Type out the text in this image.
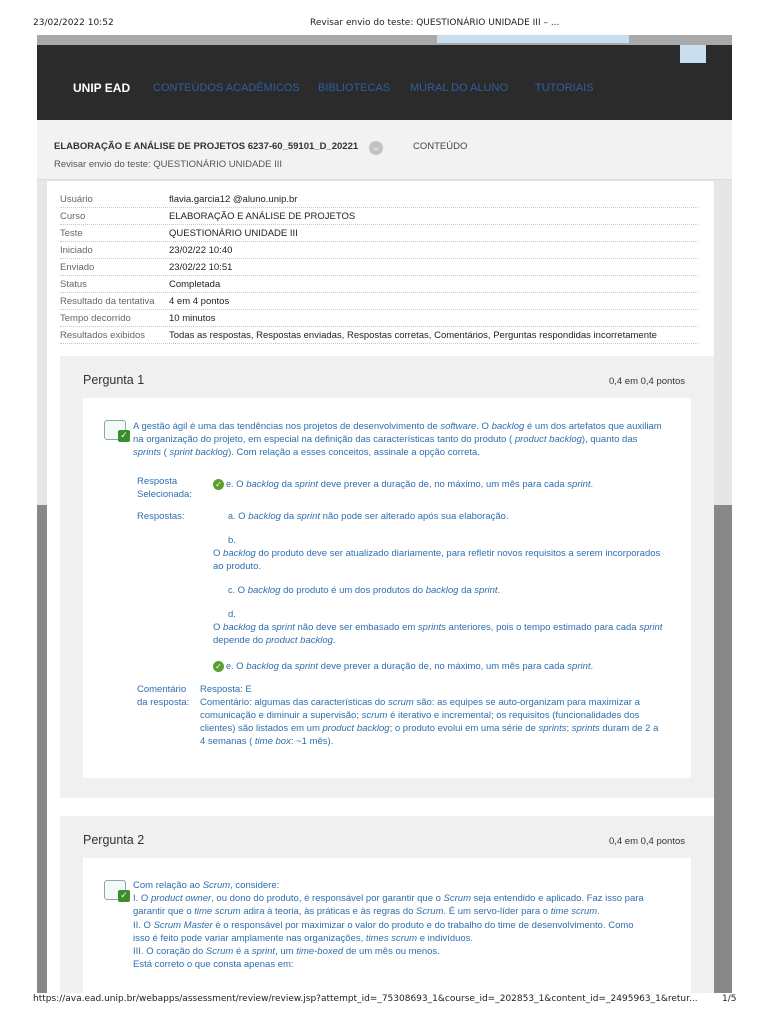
23/02/2022 10:52	Revisar envio do teste: QUESTIONÁRIO UNIDADE III – ...
UNIP EAD CONTEÚDOS ACADÊMICOS BIBLIOTECAS MURAL DO ALUNO TUTORIAIS
ELABORAÇÃO E ANÁLISE DE PROJETOS 6237-60_59101_D_20221	⌄	CONTEÚDO
Revisar envio do teste: QUESTIONÁRIO UNIDADE III
Usuário	flavia.garcia12 @aluno.unip.br
Curso	ELABORAÇÃO E ANÁLISE DE PROJETOS
Teste	QUESTIONÁRIO UNIDADE III
Iniciado	23/02/22 10:40
Enviado	23/02/22 10:51
Status	Completada
Resultado da tentativa 4 em 4 pontos
Tempo decorrido	10 minutos
Resultados exibidos	Todas as respostas, Respostas enviadas, Respostas corretas, Comentários, Perguntas respondidas incorretamente
Pergunta 1	0,4 em 0,4 pontos
✓
A gestão ágil é uma das tendências nos projetos de desenvolvimento de software. O backlog é um dos artefatos que auxiliam na organização do projeto, em especial na definição das características tanto do produto ( product backlog), quanto das sprints ( sprint backlog). Com relação a esses conceitos, assinale a opção correta.
Resposta Selecionada:
✓ e. O backlog da sprint deve prever a duração de, no máximo, um mês para cada sprint.
Respostas:	a. O backlog da sprint não pode ser alterado após sua elaboração.
b.
O backlog do produto deve ser atualizado diariamente, para refletir novos requisitos a serem incorporados ao produto.
c. O backlog do produto é um dos produtos do backlog da sprint.
d.
O backlog da sprint não deve ser embasado em sprints anteriores, pois o tempo estimado para cada sprint depende do product backlog.
✓ e. O backlog da sprint deve prever a duração de, no máximo, um mês para cada sprint.
Comentário da resposta:
Resposta: E
Comentário: algumas das características do scrum são: as equipes se auto-organizam para maximizar a comunicação e diminuir a supervisão; scrum é iterativo e incremental; os requisitos (funcionalidades dos clientes) são listados em um product backlog; o produto evolui em uma série de sprints; sprints duram de 2 a 4 semanas ( time box: ~1 mês).
Pergunta 2	0,4 em 0,4 pontos
✓
Com relação ao Scrum, considere:
I. O product owner, ou dono do produto, é responsável por garantir que o Scrum seja entendido e aplicado. Faz isso para garantir que o time scrum adira à teoria, às práticas e às regras do Scrum. É um servo-líder para o time scrum.
II. O Scrum Master é o responsável por maximizar o valor do produto e do trabalho do time de desenvolvimento. Como isso é feito pode variar amplamente nas organizações, times scrum e indivíduos.
III. O coração do Scrum é a sprint, um time-boxed de um mês ou menos.
Está correto o que consta apenas em:
https://ava.ead.unip.br/webapps/assessment/review/review.jsp?attempt_id=_75308693_1&course_id=_202853_1&content_id=_2495963_1&retur...	1/5
